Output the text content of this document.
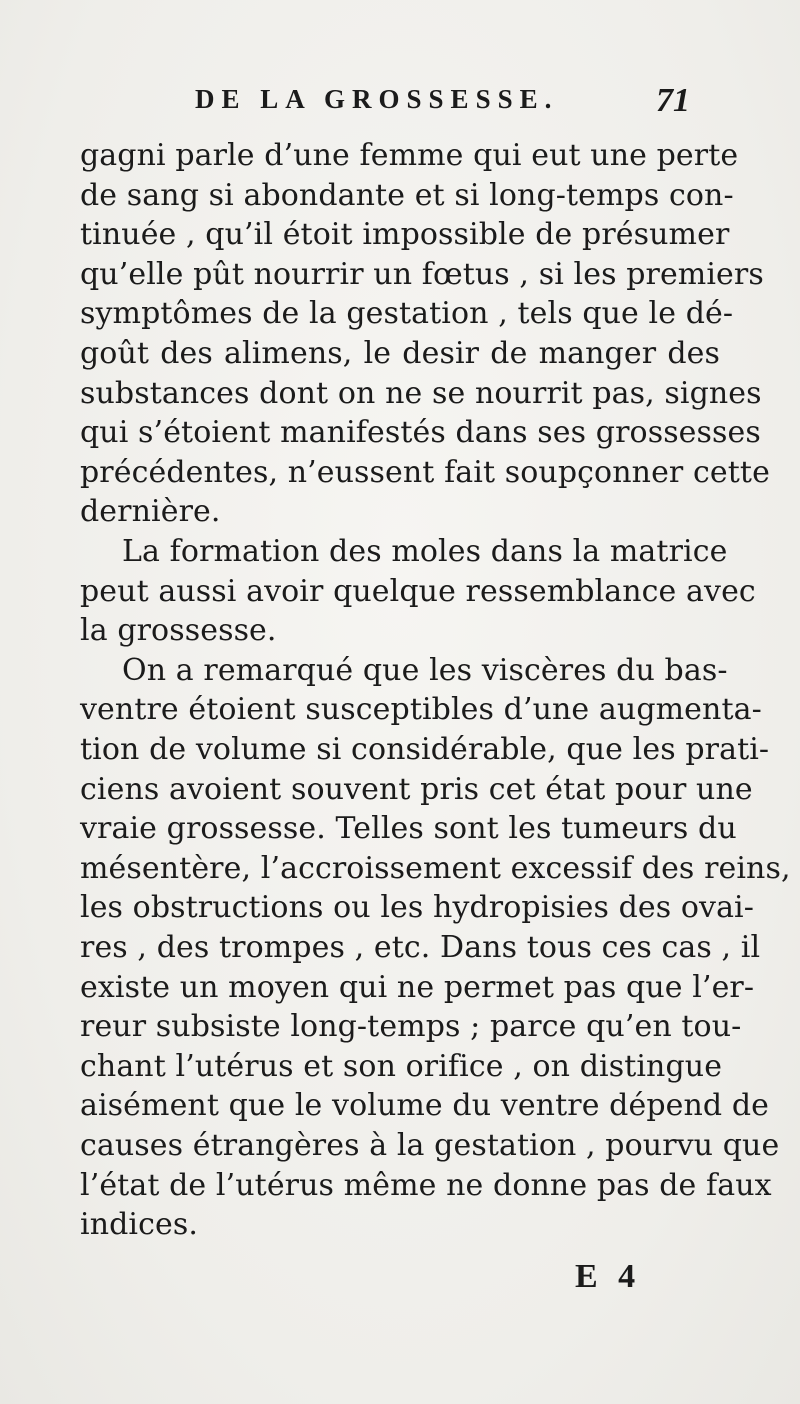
DE LA GROSSESSE.	71
gagni parle d’une femme qui eut une perte
de sang si abondante et si long-temps con-
tinuée , qu’il étoit impossible de présumer
qu’elle pût nourrir un fœtus , si les premiers
symptômes de la gestation , tels que le dé-
goût des alimens, le desir de manger des
substances dont on ne se nourrit pas, signes
qui s’étoient manifestés dans ses grossesses
précédentes, n’eussent fait soupçonner cette
dernière.
La formation des moles dans la matrice
peut aussi avoir quelque ressemblance avec
la grossesse.
On a remarqué que les viscères du bas-
ventre étoient susceptibles d’une augmenta-
tion de volume si considérable, que les prati-
ciens avoient souvent pris cet état pour une
vraie grossesse. Telles sont les tumeurs du
mésentère, l’accroissement excessif des reins,
les obstructions ou les hydropisies des ovai-
res , des trompes , etc. Dans tous ces cas , il
existe un moyen qui ne permet pas que l’er-
reur subsiste long-temps ; parce qu’en tou-
chant l’utérus et son orifice , on distingue
aisément que le volume du ventre dépend de
causes étrangères à la gestation , pourvu que
l’état de l’utérus même ne donne pas de faux
indices.
E 4
